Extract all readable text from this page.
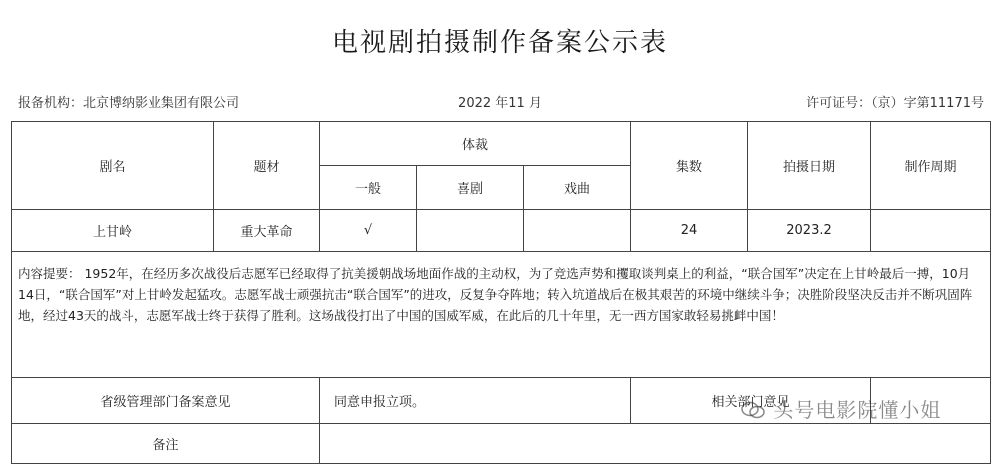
电视剧拍摄制作备案公示表
报备机构：北京博纳影业集团有限公司	2022 年11 月	许可证号：（京）字第11171号
剧名	题材	体裁			集数	拍摄日期	制作周期
		一般	喜剧	戏曲			
上甘岭	重大革命	√			24	2023.2	
内容提要： 1952年，在经历多次战役后志愿军已经取得了抗美援朝战场地面作战的主动权，为了竞选声势和攫取谈判桌上的利益，“联合国军”决定在上甘岭最后一搏，10月14日，“联合国军”对上甘岭发起猛攻。志愿军战士顽强抗击“联合国军”的进攻，反复争夺阵地；转入坑道战后在极其艰苦的环境中继续斗争；决胜阶段坚决反击并不断巩固阵地，经过43天的战斗，志愿军战士终于获得了胜利。这场战役打出了中国的国威军威，在此后的几十年里，无一西方国家敢轻易挑衅中国！							
省级管理部门备案意见		同意申报立项。			相关部门意见		
备注							
头号电影院懂小姐
